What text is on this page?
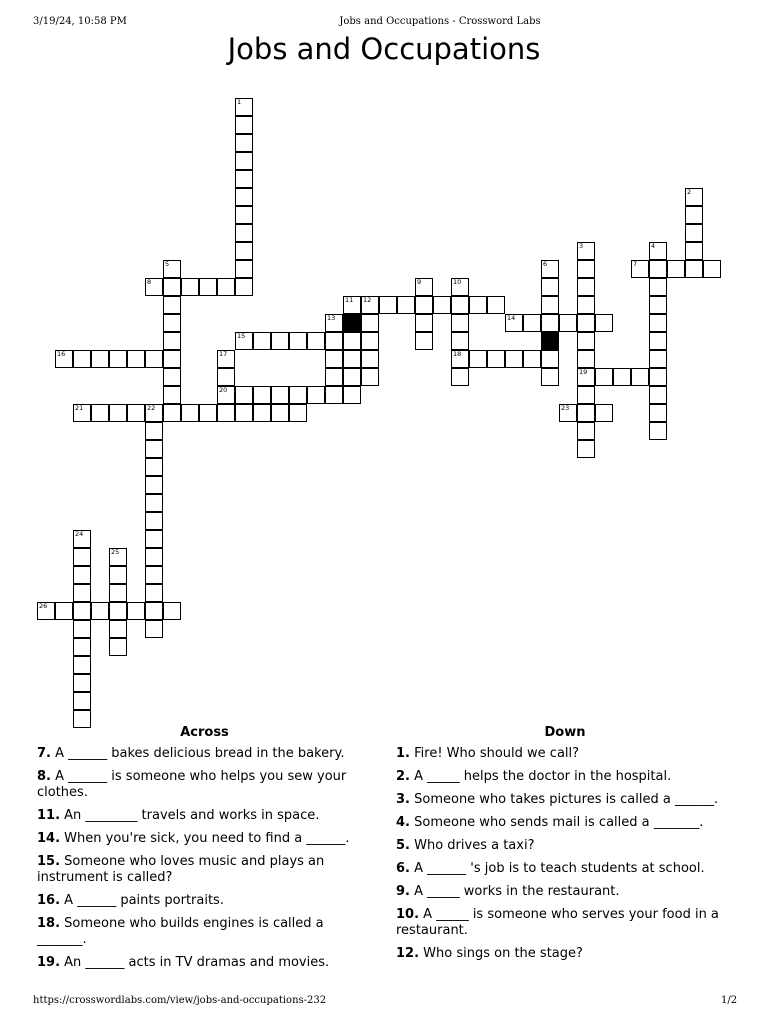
3/19/24, 10:58 PM	Jobs and Occupations - Crossword Labs
Jobs and Occupations
1
2
3
19
4
5	6	7
8	9	10
18
11 12
13	14
15
16	17
20
21	22	23
24
25
26
Across
7. A ______ bakes delicious bread in the bakery.
8. A ______ is someone who helps you sew your clothes.
11. An ________ travels and works in space.
14. When you're sick, you need to find a ______.
15. Someone who loves music and plays an instrument is called?
16. A ______ paints portraits.
18. Someone who builds engines is called a _______.
19. An ______ acts in TV dramas and movies.
Down
1. Fire! Who should we call?
2. A _____ helps the doctor in the hospital.
3. Someone who takes pictures is called a ______.
4. Someone who sends mail is called a _______.
5. Who drives a taxi?
6. A ______ 's job is to teach students at school.
9. A _____ works in the restaurant.
10. A _____ is someone who serves your food in a restaurant.
12. Who sings on the stage?
https://crosswordlabs.com/view/jobs-and-occupations-232	1/2
